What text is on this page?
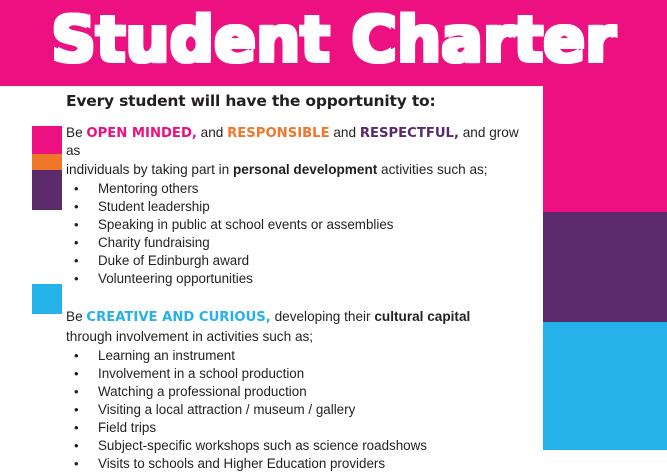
Student Charter

Every student will have the opportunity to:

Be OPEN MINDED, and RESPONSIBLE and RESPECTFUL, and grow as

individuals by taking part in personal development activities such as;

• Mentoring others
• Student leadership
• Speaking in public at school events or assemblies
• Charity fundraising
• Duke of Edinburgh award
• Volunteering opportunities

Be CREATIVE AND CURIOUS, developing their cultural capital

through involvement in activities such as;

• Learning an instrument
• Involvement in a school production
• Watching a professional production
• Visiting a local attraction / museum / gallery
• Field trips
• Subject-specific workshops such as science roadshows
• Visits to schools and Higher Education providers
